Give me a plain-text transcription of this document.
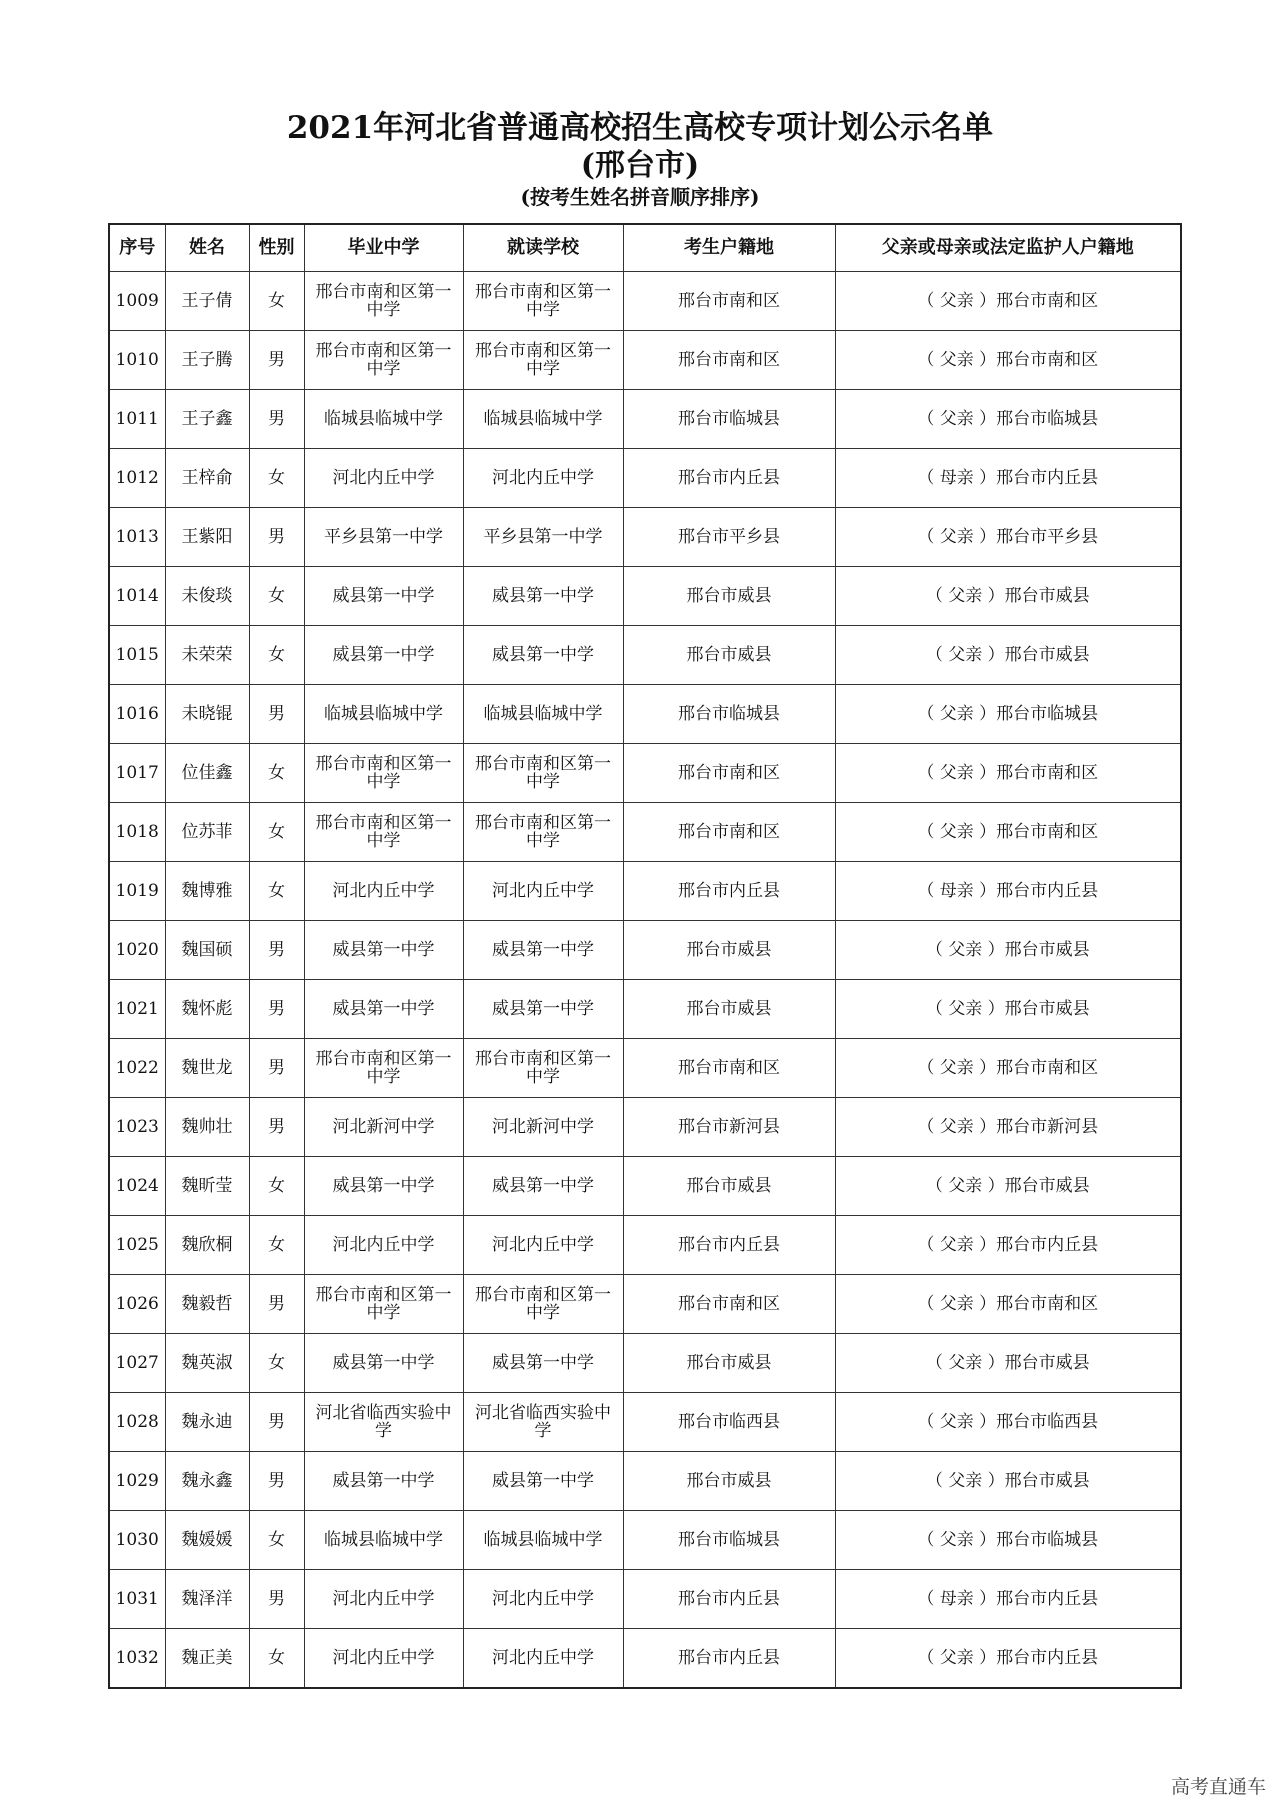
2021年河北省普通高校招生高校专项计划公示名单
(邢台市)
(按考生姓名拼音顺序排序)
序号	姓名	性别	毕业中学	就读学校	考生户籍地	父亲或母亲或法定监护人户籍地
1009	王子倩	女	邢台市南和区第一中学	邢台市南和区第一中学	邢台市南和区	（ 父亲 ）邢台市南和区
1010	王子腾	男	邢台市南和区第一中学	邢台市南和区第一中学	邢台市南和区	（ 父亲 ）邢台市南和区
1011	王子鑫	男	临城县临城中学	临城县临城中学	邢台市临城县	（ 父亲 ）邢台市临城县
1012	王梓俞	女	河北内丘中学	河北内丘中学	邢台市内丘县	（ 母亲 ）邢台市内丘县
1013	王紫阳	男	平乡县第一中学	平乡县第一中学	邢台市平乡县	（ 父亲 ）邢台市平乡县
1014	未俊琰	女	威县第一中学	威县第一中学	邢台市威县	（ 父亲 ）邢台市威县
1015	未荣荣	女	威县第一中学	威县第一中学	邢台市威县	（ 父亲 ）邢台市威县
1016	未晓锟	男	临城县临城中学	临城县临城中学	邢台市临城县	（ 父亲 ）邢台市临城县
1017	位佳鑫	女	邢台市南和区第一中学	邢台市南和区第一中学	邢台市南和区	（ 父亲 ）邢台市南和区
1018	位苏菲	女	邢台市南和区第一中学	邢台市南和区第一中学	邢台市南和区	（ 父亲 ）邢台市南和区
1019	魏博雅	女	河北内丘中学	河北内丘中学	邢台市内丘县	（ 母亲 ）邢台市内丘县
1020	魏国硕	男	威县第一中学	威县第一中学	邢台市威县	（ 父亲 ）邢台市威县
1021	魏怀彪	男	威县第一中学	威县第一中学	邢台市威县	（ 父亲 ）邢台市威县
1022	魏世龙	男	邢台市南和区第一中学	邢台市南和区第一中学	邢台市南和区	（ 父亲 ）邢台市南和区
1023	魏帅壮	男	河北新河中学	河北新河中学	邢台市新河县	（ 父亲 ）邢台市新河县
1024	魏昕莹	女	威县第一中学	威县第一中学	邢台市威县	（ 父亲 ）邢台市威县
1025	魏欣桐	女	河北内丘中学	河北内丘中学	邢台市内丘县	（ 父亲 ）邢台市内丘县
1026	魏毅哲	男	邢台市南和区第一中学	邢台市南和区第一中学	邢台市南和区	（ 父亲 ）邢台市南和区
1027	魏英淑	女	威县第一中学	威县第一中学	邢台市威县	（ 父亲 ）邢台市威县
1028	魏永迪	男	河北省临西实验中学	河北省临西实验中学	邢台市临西县	（ 父亲 ）邢台市临西县
1029	魏永鑫	男	威县第一中学	威县第一中学	邢台市威县	（ 父亲 ）邢台市威县
1030	魏媛媛	女	临城县临城中学	临城县临城中学	邢台市临城县	（ 父亲 ）邢台市临城县
1031	魏泽洋	男	河北内丘中学	河北内丘中学	邢台市内丘县	（ 母亲 ）邢台市内丘县
1032	魏正美	女	河北内丘中学	河北内丘中学	邢台市内丘县	（ 父亲 ）邢台市内丘县
高考直通车
